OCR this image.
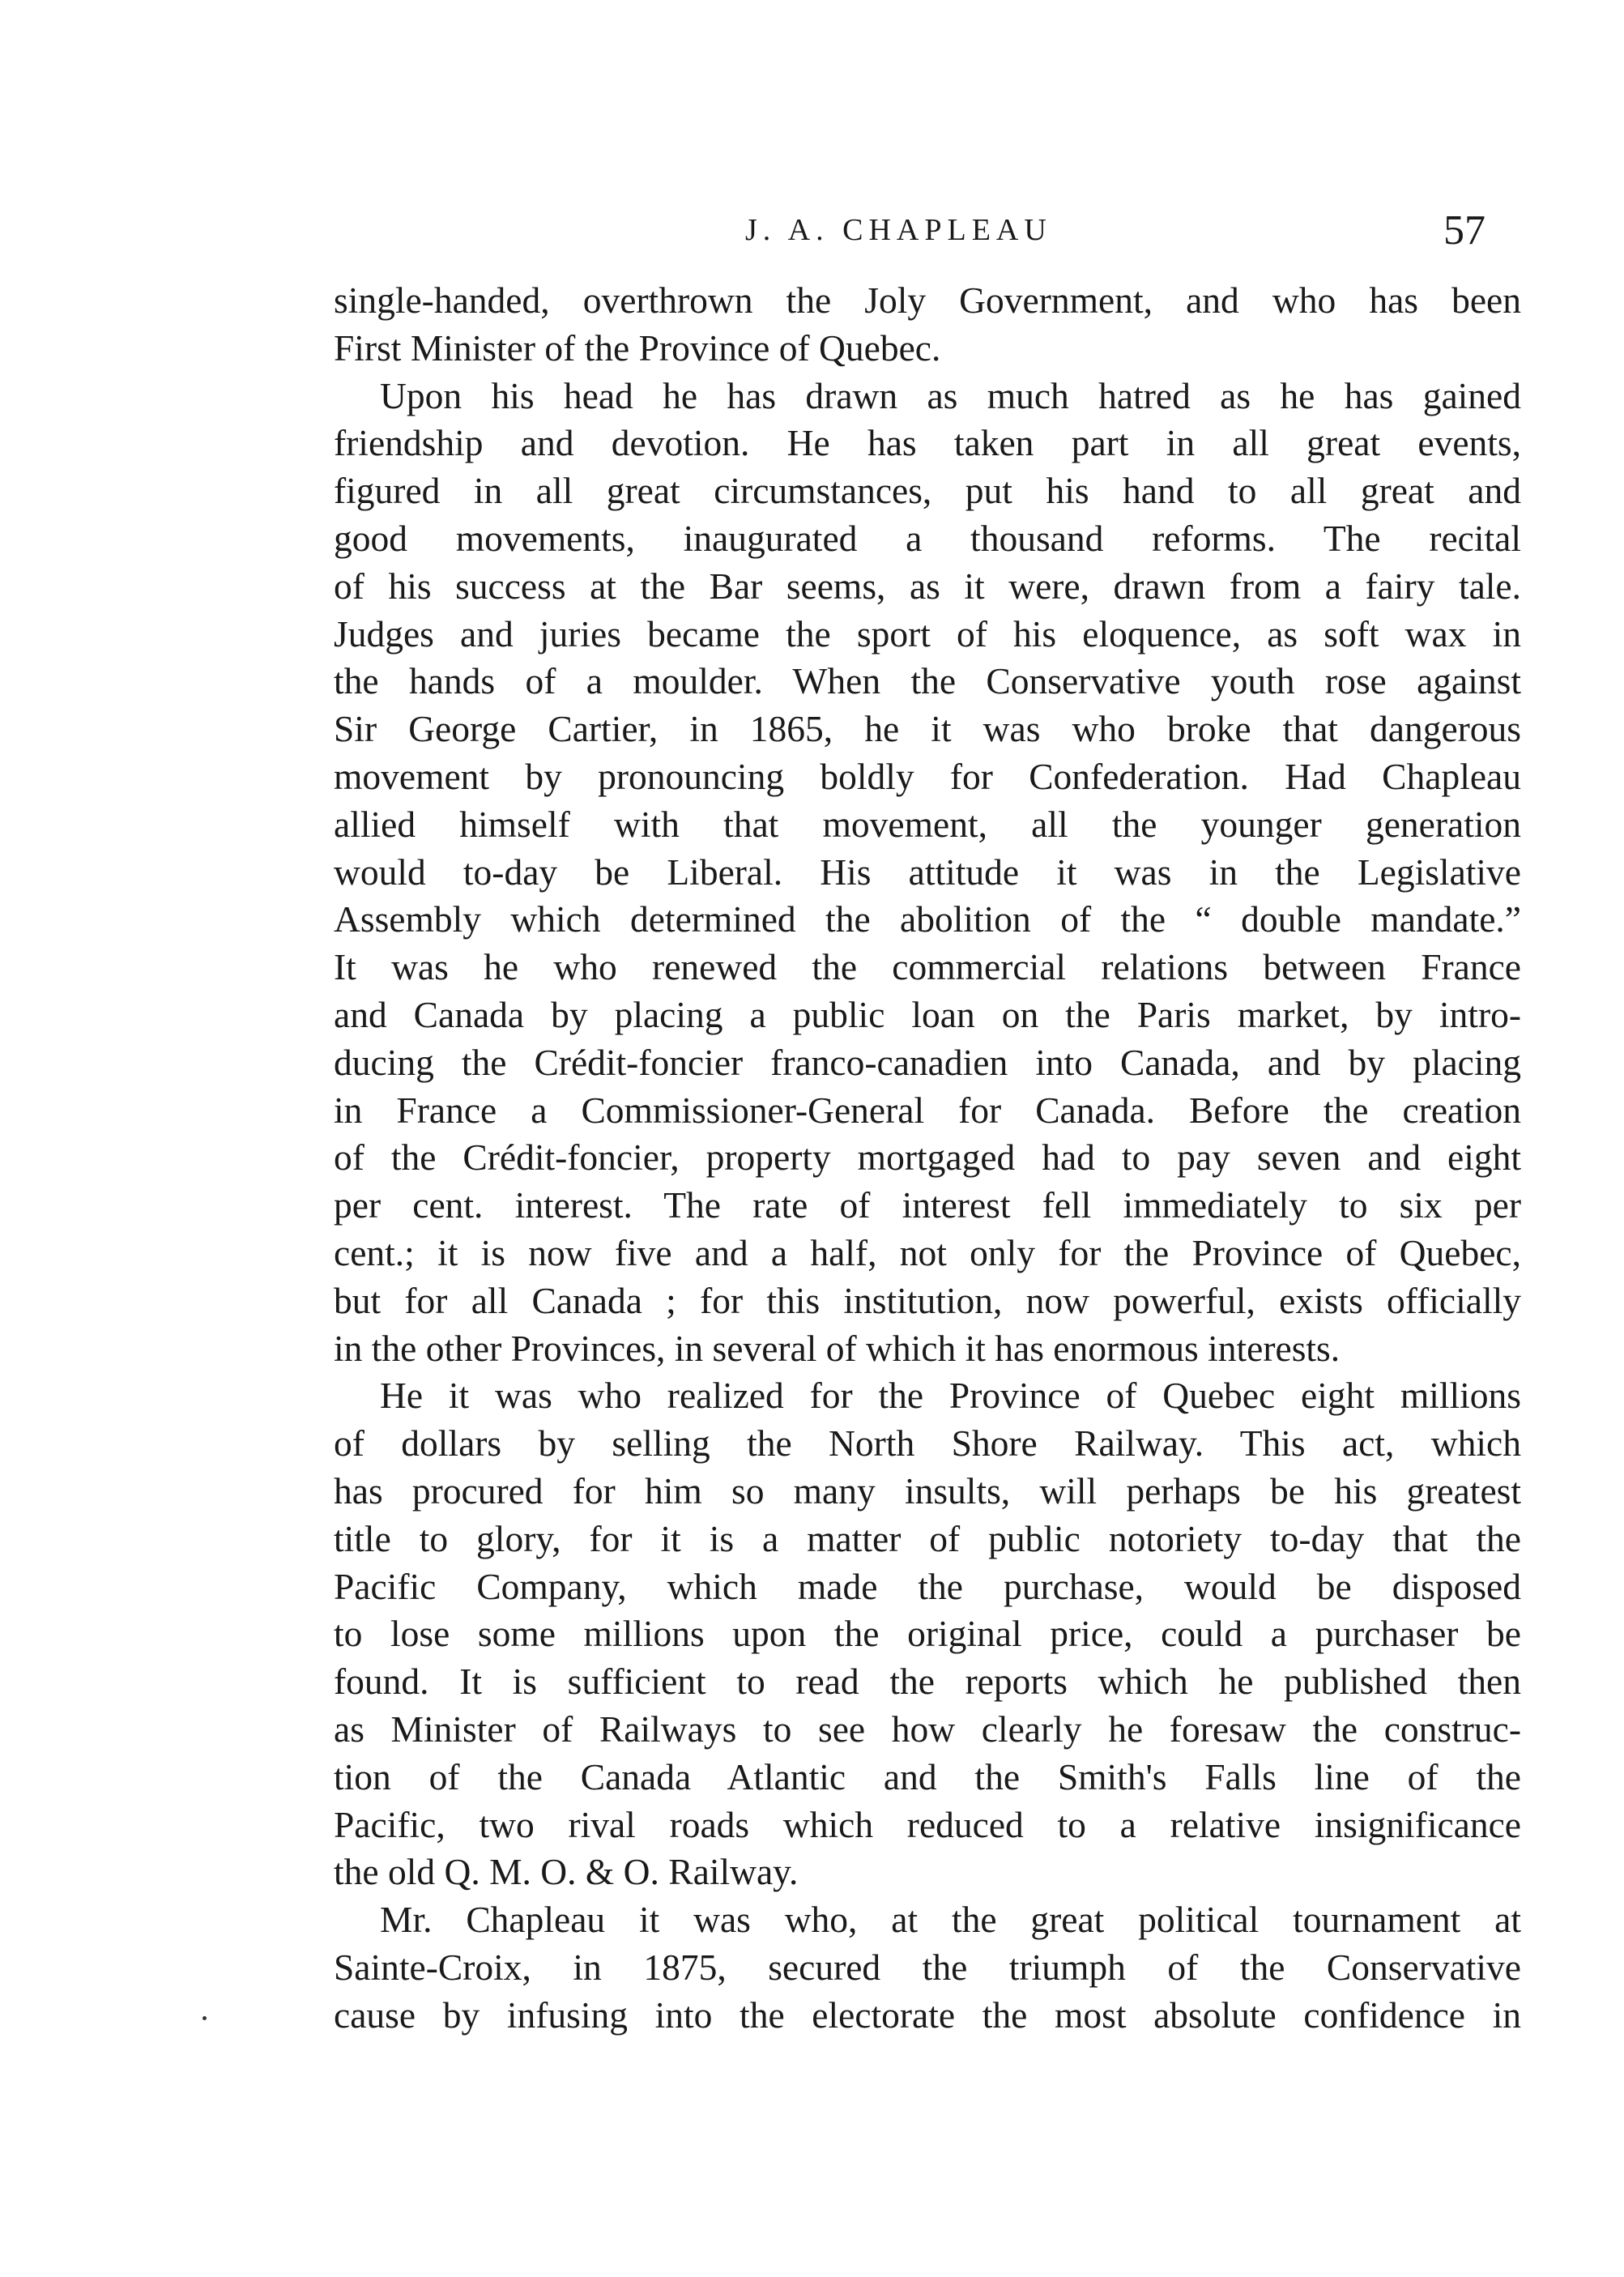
J. A. CHAPLEAU	57
single-handed, overthrown the Joly Government, and who has been
First Minister of the Province of Quebec.
Upon his head he has drawn as much hatred as he has gained
friendship and devotion. He has taken part in all great events,
figured in all great circumstances, put his hand to all great and
good movements, inaugurated a thousand reforms. The recital
of his success at the Bar seems, as it were, drawn from a fairy tale.
Judges and juries became the sport of his eloquence, as soft wax in
the hands of a moulder. When the Conservative youth rose against
Sir George Cartier, in 1865, he it was who broke that dangerous
movement by pronouncing boldly for Confederation. Had Chapleau
allied himself with that movement, all the younger generation
would to-day be Liberal. His attitude it was in the Legislative
Assembly which determined the abolition of the “ double mandate.”
It was he who renewed the commercial relations between France
and Canada by placing a public loan on the Paris market, by intro-
ducing the Crédit-foncier franco-canadien into Canada, and by placing
in France a Commissioner-General for Canada. Before the creation
of the Crédit-foncier, property mortgaged had to pay seven and eight
per cent. interest. The rate of interest fell immediately to six per
cent.; it is now five and a half, not only for the Province of Quebec,
but for all Canada ; for this institution, now powerful, exists officially
in the other Provinces, in several of which it has enormous interests.
He it was who realized for the Province of Quebec eight millions
of dollars by selling the North Shore Railway. This act, which
has procured for him so many insults, will perhaps be his greatest
title to glory, for it is a matter of public notoriety to-day that the
Pacific Company, which made the purchase, would be disposed
to lose some millions upon the original price, could a purchaser be
found. It is sufficient to read the reports which he published then
as Minister of Railways to see how clearly he foresaw the construc-
tion of the Canada Atlantic and the Smith's Falls line of the
Pacific, two rival roads which reduced to a relative insignificance
the old Q. M. O. & O. Railway.
Mr. Chapleau it was who, at the great political tournament at
Sainte-Croix, in 1875, secured the triumph of the Conservative
cause by infusing into the electorate the most absolute confidence in
